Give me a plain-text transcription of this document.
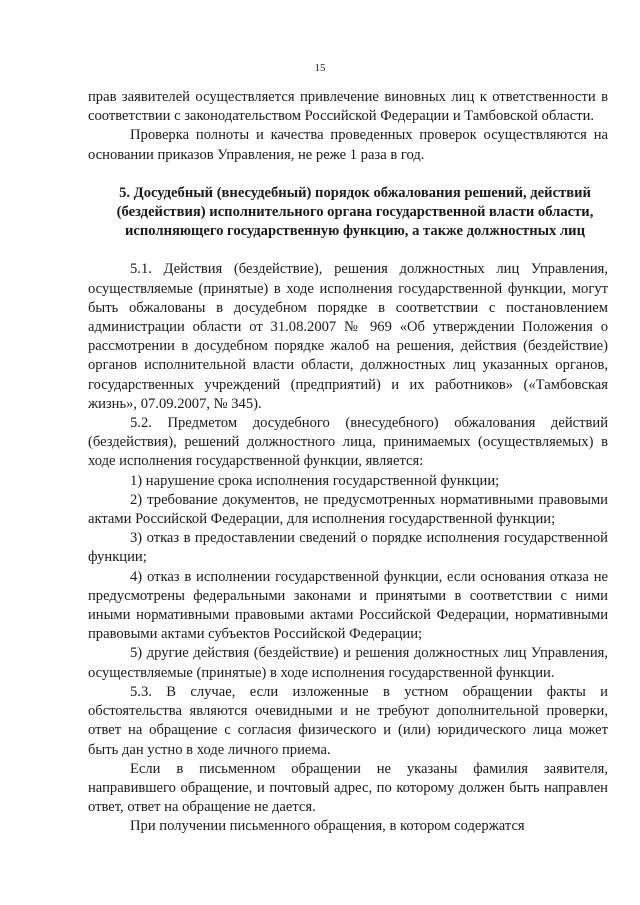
15

прав заявителей осуществляется привлечение виновных лиц к ответственности в соответствии с законодательством Российской Федерации и Тамбовской области.

Проверка полноты и качества проведенных проверок осуществляются на основании приказов Управления, не реже 1 раза в год.

5. Досудебный (внесудебный) порядок обжалования решений, действий (бездействия) исполнительного органа государственной власти области, исполняющего государственную функцию, а также должностных лиц

5.1. Действия (бездействие), решения должностных лиц Управления, осуществляемые (принятые) в ходе исполнения государственной функции, могут быть обжалованы в досудебном порядке в соответствии с постановлением администрации области от 31.08.2007 № 969 «Об утверждении Положения о рассмотрении в досудебном порядке жалоб на решения, действия (бездействие) органов исполнительной власти области, должностных лиц указанных органов, государственных учреждений (предприятий) и их работников» («Тамбовская жизнь», 07.09.2007, № 345).

5.2. Предметом досудебного (внесудебного) обжалования действий (бездействия), решений должностного лица, принимаемых (осуществляемых) в ходе исполнения государственной функции, является:

1) нарушение срока исполнения государственной функции;

2) требование документов, не предусмотренных нормативными правовыми актами Российской Федерации, для исполнения государственной функции;

3) отказ в предоставлении сведений о порядке исполнения государственной функции;

4) отказ в исполнении государственной функции, если основания отказа не предусмотрены федеральными законами и принятыми в соответствии с ними иными нормативными правовыми актами Российской Федерации, нормативными правовыми актами субъектов Российской Федерации;

5) другие действия (бездействие) и решения должностных лиц Управления, осуществляемые (принятые) в ходе исполнения государственной функции.

5.3. В случае, если изложенные в устном обращении факты и обстоятельства являются очевидными и не требуют дополнительной проверки, ответ на обращение с согласия физического и (или) юридического лица может быть дан устно в ходе личного приема.

Если в письменном обращении не указаны фамилия заявителя, направившего обращение, и почтовый адрес, по которому должен быть направлен ответ, ответ на обращение не дается.

При получении письменного обращения, в котором содержатся
